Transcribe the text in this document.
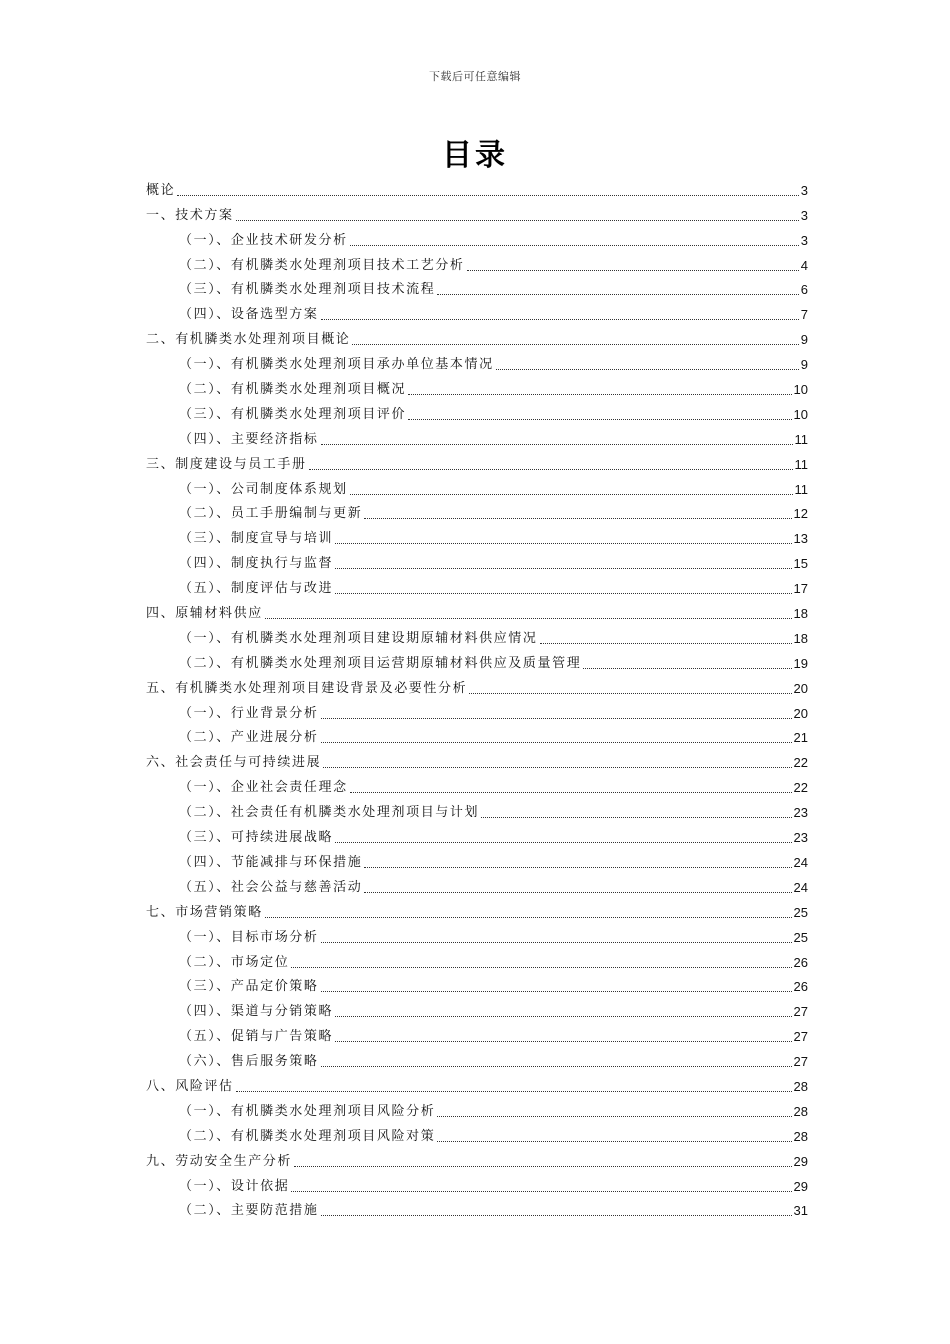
下载后可任意编辑
目录
概论	3
一、技术方案	3
（一）、企业技术研发分析	3
（二）、有机膦类水处理剂项目技术工艺分析	4
（三）、有机膦类水处理剂项目技术流程	6
（四）、设备选型方案	7
二、有机膦类水处理剂项目概论	9
（一）、有机膦类水处理剂项目承办单位基本情况	9
（二）、有机膦类水处理剂项目概况	10
（三）、有机膦类水处理剂项目评价	10
（四）、主要经济指标	11
三、制度建设与员工手册	11
（一）、公司制度体系规划	11
（二）、员工手册编制与更新	12
（三）、制度宣导与培训	13
（四）、制度执行与监督	15
（五）、制度评估与改进	17
四、原辅材料供应	18
（一）、有机膦类水处理剂项目建设期原辅材料供应情况	18
（二）、有机膦类水处理剂项目运营期原辅材料供应及质量管理	19
五、有机膦类水处理剂项目建设背景及必要性分析	20
（一）、行业背景分析	20
（二）、产业进展分析	21
六、社会责任与可持续进展	22
（一）、企业社会责任理念	22
（二）、社会责任有机膦类水处理剂项目与计划	23
（三）、可持续进展战略	23
（四）、节能减排与环保措施	24
（五）、社会公益与慈善活动	24
七、市场营销策略	25
（一）、目标市场分析	25
（二）、市场定位	26
（三）、产品定价策略	26
（四）、渠道与分销策略	27
（五）、促销与广告策略	27
（六）、售后服务策略	27
八、风险评估	28
（一）、有机膦类水处理剂项目风险分析	28
（二）、有机膦类水处理剂项目风险对策	28
九、劳动安全生产分析	29
（一）、设计依据	29
（二）、主要防范措施	31
